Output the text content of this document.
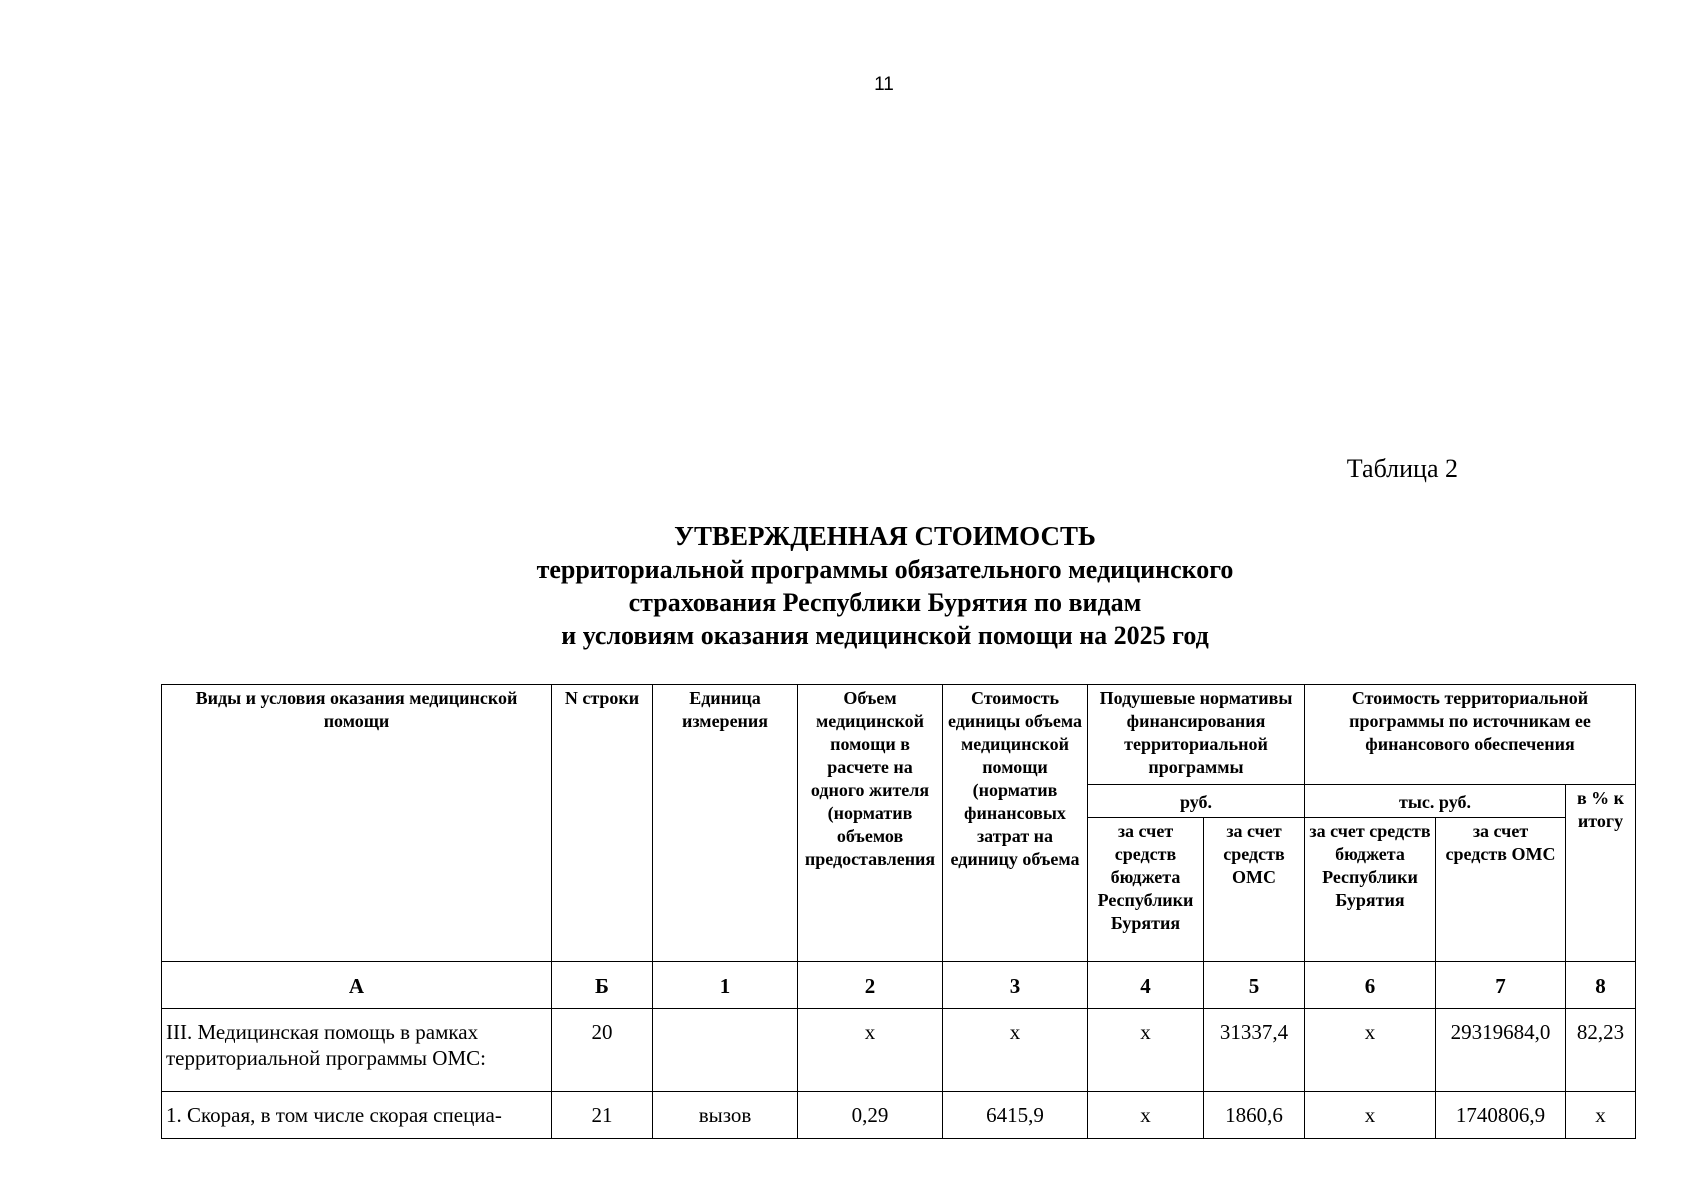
11
Таблица 2
УТВЕРЖДЕННАЯ СТОИМОСТЬ
территориальной программы обязательного медицинского
страхования Республики Бурятия по видам
и условиям оказания медицинской помощи на 2025 год
Виды и условия оказания медицинской помощи	N строки	Единица измерения	Объем медицинской помощи в расчете на одного жителя (норматив объемов предоставления	Стоимость единицы объема медицинской помощи (норматив финансовых затрат на единицу объема	Подушевые нормативы финансирования территориальной программы		Стоимость территориальной программы по источникам ее финансового обеспечения		
					руб.		тыс. руб.		в % к итогу
					за счет средств бюджета Республики Бурятия	за счет средств ОМС	за счет средств бюджета Республики Бурятия	за счет средств ОМС	
А	Б	1	2	3	4	5	6	7	8
III. Медицинская помощь в рамках территориальной программы ОМС:	20		х	х	х	31337,4	х	29319684,0	82,23
1. Скорая, в том числе скорая специа-	21	вызов	0,29	6415,9	х	1860,6	х	1740806,9	х
